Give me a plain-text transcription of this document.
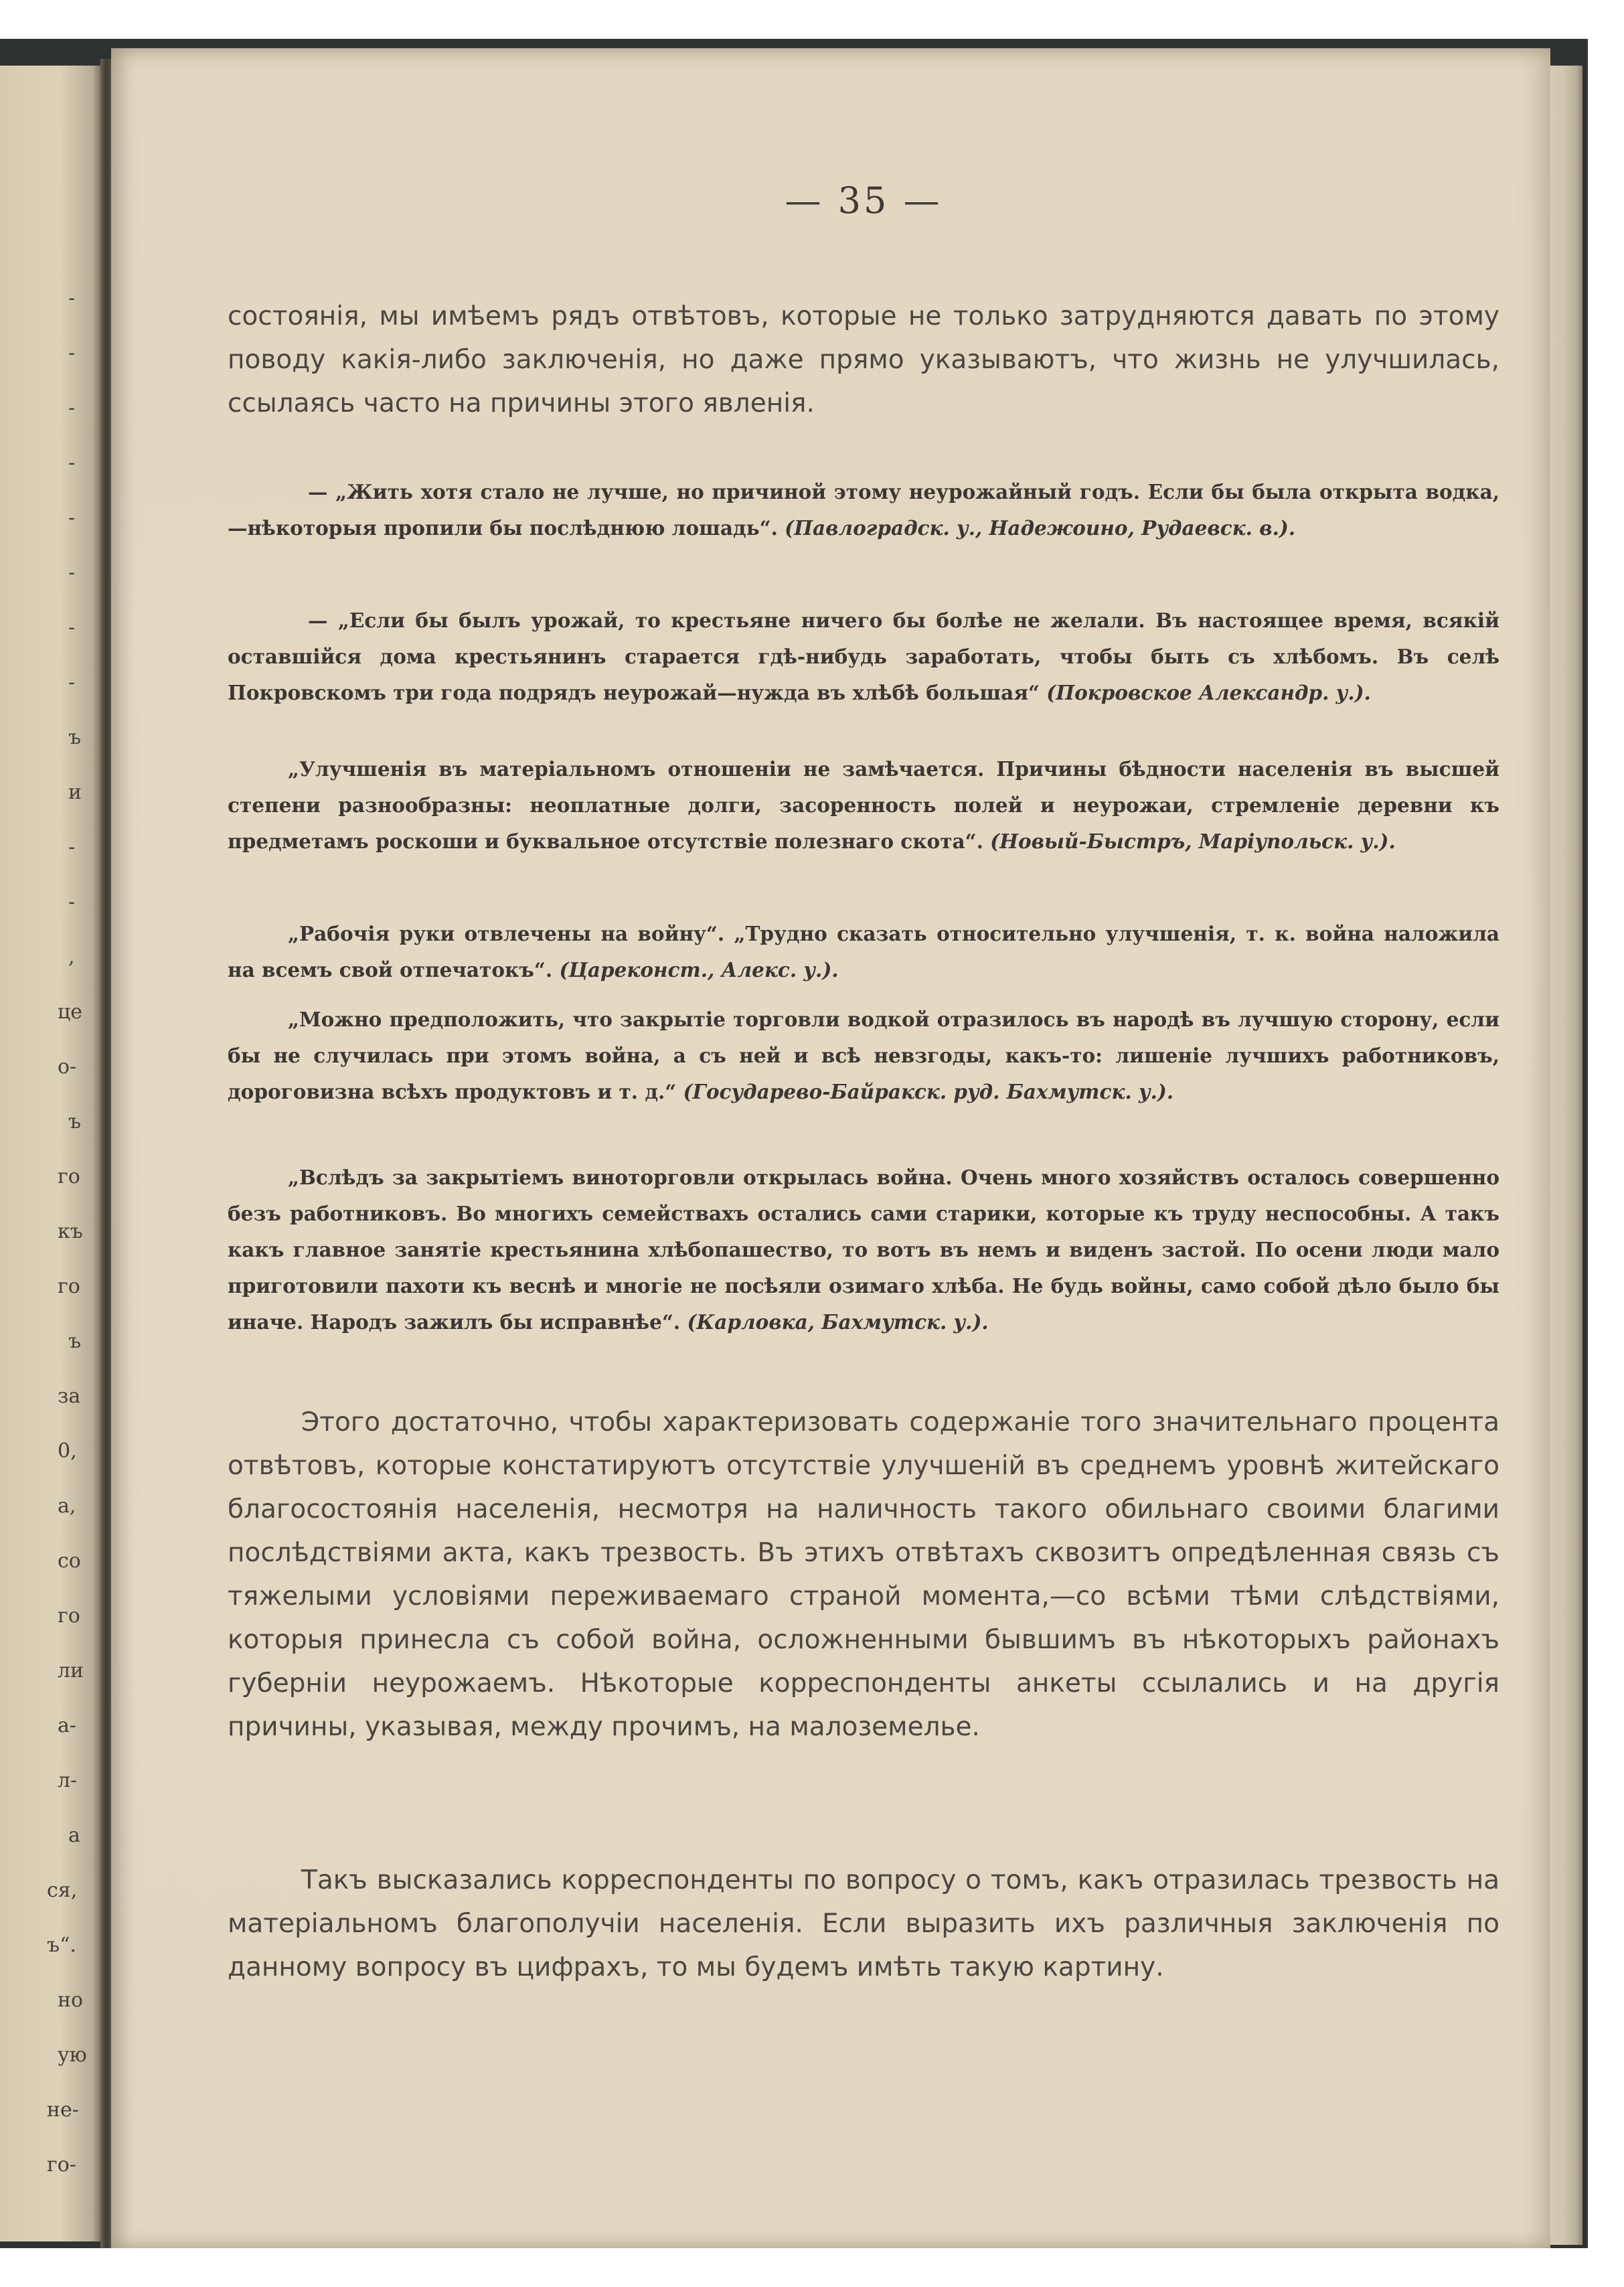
-
-
-
-
-
-
-
-
ъ
и
-
-
,
це
о-
ъ
го
къ
го
ъ
за
0,
а,
со
го
ли
а-
л-
а
ся,
ъ“.
но
ую
не-
го-
— 35 —

состоянія, мы имѣемъ рядъ отвѣтовъ, которые не только затрудняются давать по этому поводу какія-либо заключенія, но даже прямо указываютъ, что жизнь не улучшилась, ссылаясь часто на причины этого явленія.

— „Жить хотя стало не лучше, но причиной этому неурожайный годъ. Если бы была открыта водка,—нѣкоторыя пропили бы послѣднюю лошадь“. (Павлоградск. у., Надежоино, Рудаевск. в.).

— „Если бы былъ урожай, то крестьяне ничего бы болѣе не желали. Въ настоящее время, всякій оставшійся дома крестьянинъ старается гдѣ-нибудь заработать, чтобы быть съ хлѣбомъ. Въ селѣ Покровскомъ три года подрядъ неурожай—нужда въ хлѣбѣ большая“ (Покровское Александр. у.).

„Улучшенія въ матеріальномъ отношеніи не замѣчается. Причины бѣдности населенія въ высшей степени разнообразны: неоплатные долги, засоренность полей и неурожаи, стремленіе деревни къ предметамъ роскоши и буквальное отсутствіе полезнаго скота“. (Новый-Быстръ, Маріупольск. у.).

„Рабочія руки отвлечены на войну“. „Трудно сказать относительно улучшенія, т. к. война наложила на всемъ свой отпечатокъ“. (Цареконст., Алекс. у.).

„Можно предположить, что закрытіе торговли водкой отразилось въ народѣ въ лучшую сторону, если бы не случилась при этомъ война, а съ ней и всѣ невзгоды, какъ-то: лишеніе лучшихъ работниковъ, дороговизна всѣхъ продуктовъ и т. д.“ (Государево-Байракск. руд. Бахмутск. у.).

„Вслѣдъ за закрытіемъ виноторговли открылась война. Очень много хозяйствъ осталось совершенно безъ работниковъ. Во многихъ семействахъ остались сами старики, которые къ труду неспособны. А такъ какъ главное занятіе крестьянина хлѣбопашество, то вотъ въ немъ и виденъ застой. По осени люди мало приготовили пахоти къ веснѣ и многіе не посѣяли озимаго хлѣба. Не будь войны, само собой дѣло было бы иначе. Народъ зажилъ бы исправнѣе“. (Карловка, Бахмутск. у.).

Этого достаточно, чтобы характеризовать содержаніе того значительнаго процента отвѣтовъ, которые констатируютъ отсутствіе улучшеній въ среднемъ уровнѣ житейскаго благосостоянія населенія, несмотря на наличность такого обильнаго своими благими послѣдствіями акта, какъ трезвость. Въ этихъ отвѣтахъ сквозитъ опредѣленная связь съ тяжелыми условіями переживаемаго страной момента,—со всѣми тѣми слѣдствіями, которыя принесла съ собой война, осложненными бывшимъ въ нѣкоторыхъ районахъ губерніи неурожаемъ. Нѣкоторые корреспонденты анкеты ссылались и на другія причины, указывая, между прочимъ, на малоземелье.

Такъ высказались корреспонденты по вопросу о томъ, какъ отразилась трезвость на матеріальномъ благополучіи населенія. Если выразить ихъ различныя заключенія по данному вопросу въ цифрахъ, то мы будемъ имѣть такую картину.
